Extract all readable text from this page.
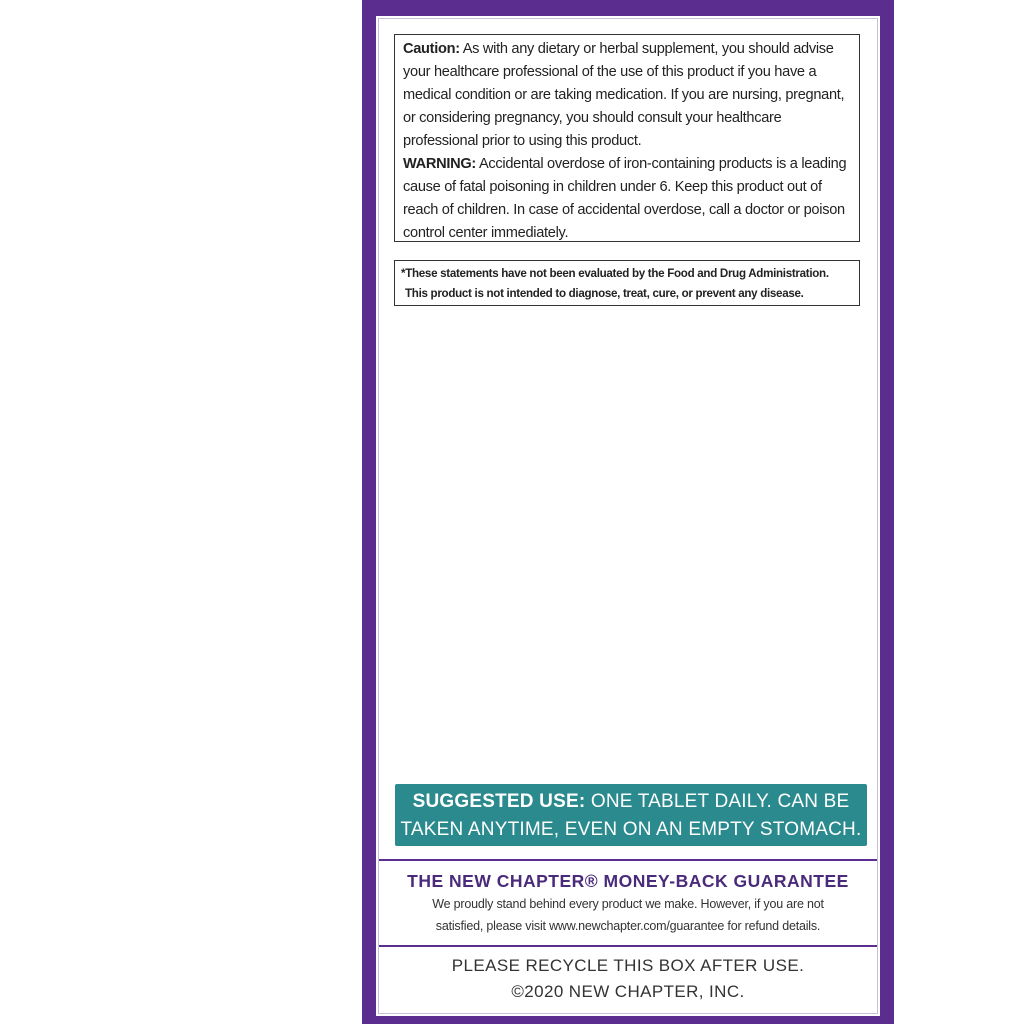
Caution: As with any dietary or herbal supplement, you should advise your healthcare professional of the use of this product if you have a medical condition or are taking medication. If you are nursing, pregnant, or considering pregnancy, you should consult your healthcare professional prior to using this product.
WARNING: Accidental overdose of iron-containing products is a leading cause of fatal poisoning in children under 6. Keep this product out of reach of children. In case of accidental overdose, call a doctor or poison control center immediately.
*These statements have not been evaluated by the Food and Drug Administration.
This product is not intended to diagnose, treat, cure, or prevent any disease.
SUGGESTED USE: ONE TABLET DAILY. CAN BE
TAKEN ANYTIME, EVEN ON AN EMPTY STOMACH.
THE NEW CHAPTER® MONEY-BACK GUARANTEE
We proudly stand behind every product we make. However, if you are not
satisfied, please visit www.newchapter.com/guarantee for refund details.
PLEASE RECYCLE THIS BOX AFTER USE.
©2020 NEW CHAPTER, INC.
